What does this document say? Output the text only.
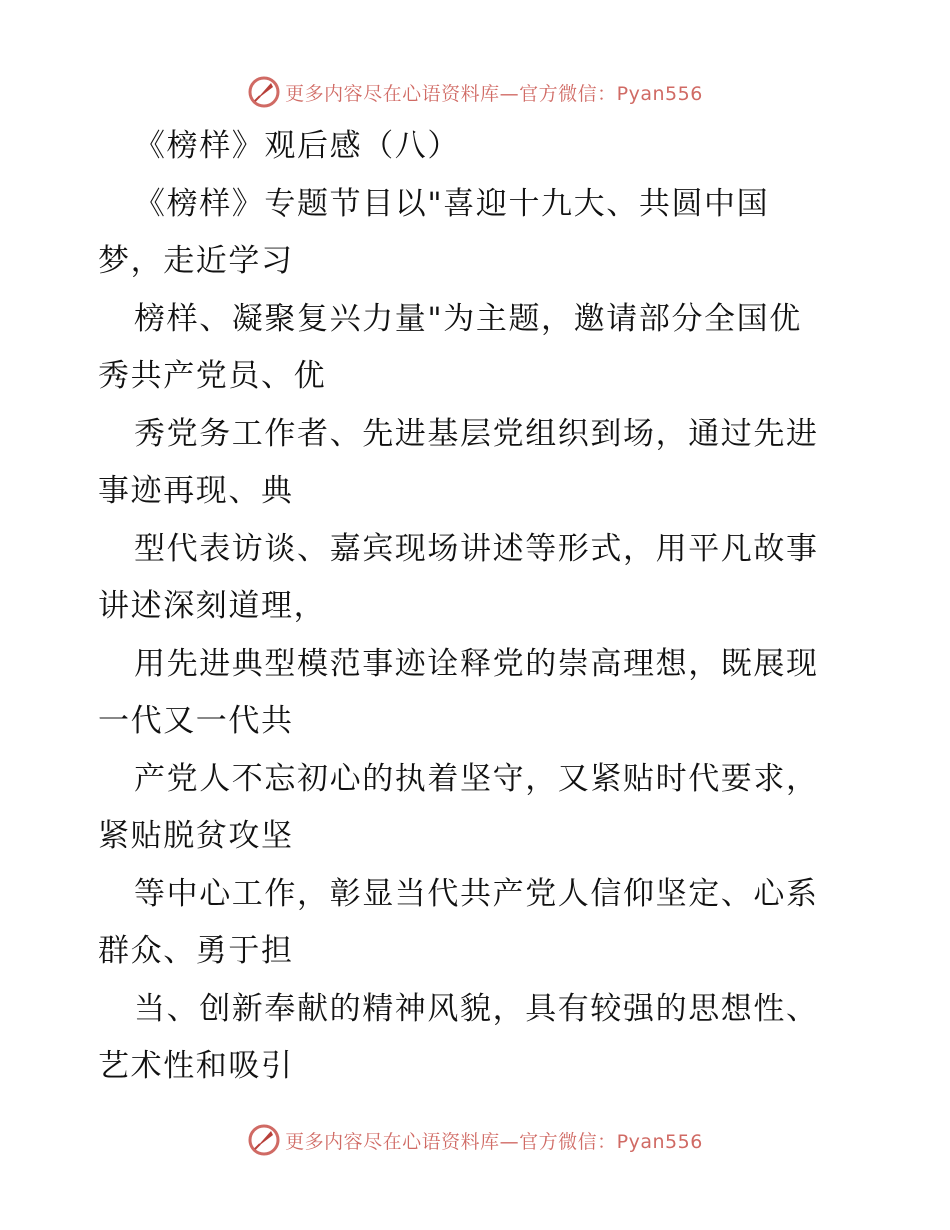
更多内容尽在心语资料库—官方微信：Pyan556
《榜样》观后感（八）
《榜样》专题节目以"喜迎十九大、共圆中国
梦，走近学习
榜样、凝聚复兴力量"为主题，邀请部分全国优
秀共产党员、优
秀党务工作者、先进基层党组织到场，通过先进
事迹再现、典
型代表访谈、嘉宾现场讲述等形式，用平凡故事
讲述深刻道理，
用先进典型模范事迹诠释党的崇高理想，既展现
一代又一代共
产党人不忘初心的执着坚守，又紧贴时代要求，
紧贴脱贫攻坚
等中心工作，彰显当代共产党人信仰坚定、心系
群众、勇于担
当、创新奉献的精神风貌，具有较强的思想性、
艺术性和吸引
更多内容尽在心语资料库—官方微信：Pyan556
